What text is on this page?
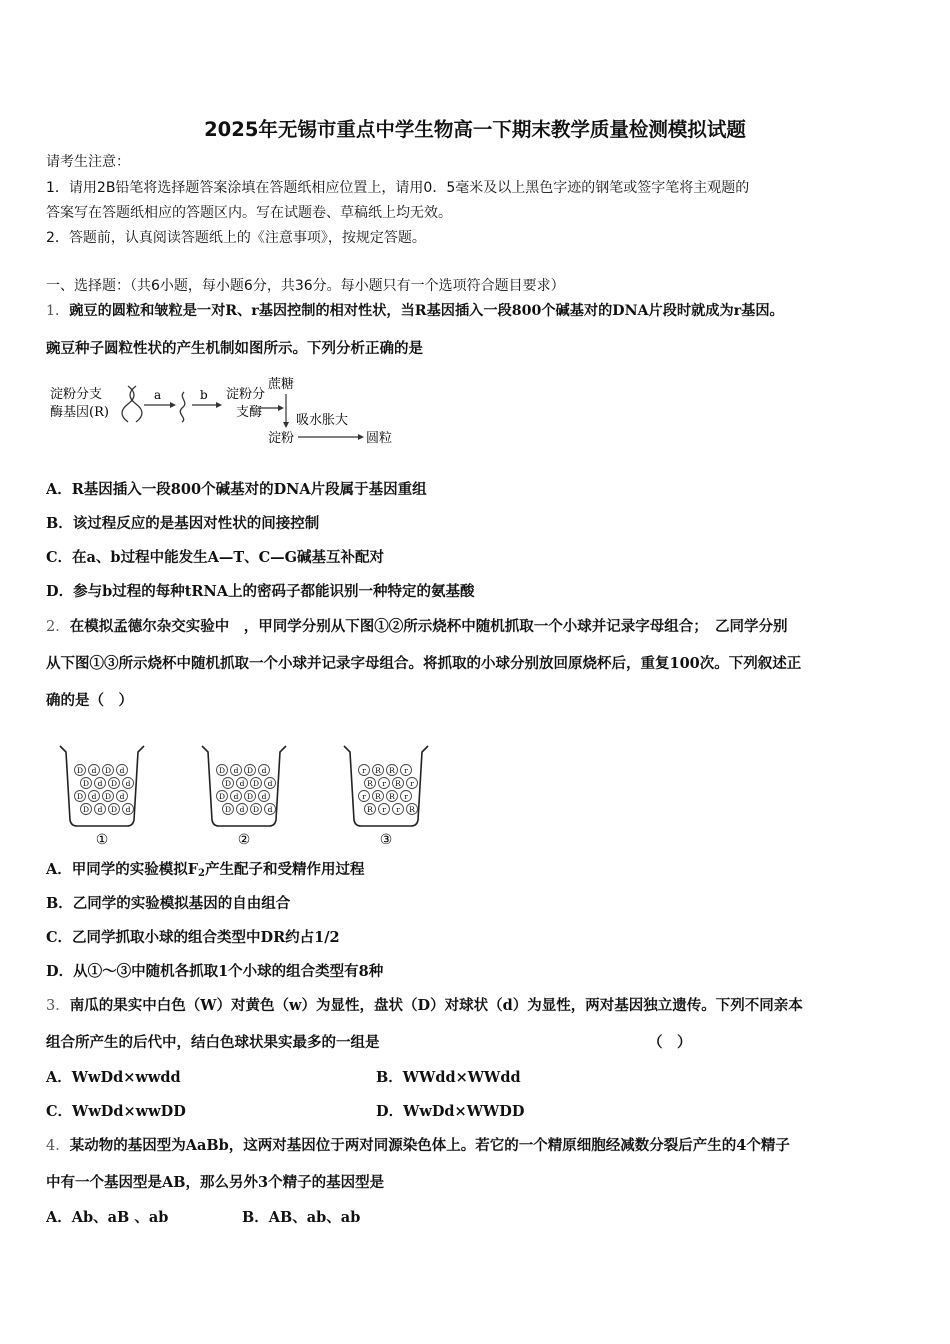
2025年无锡市重点中学生物高一下期末教学质量检测模拟试题
请考生注意：
1．请用2B铅笔将选择题答案涂填在答题纸相应位置上，请用0．5毫米及以上黑色字迹的钢笔或签字笔将主观题的
答案写在答题纸相应的答题区内。写在试题卷、草稿纸上均无效。
2．答题前，认真阅读答题纸上的《注意事项》，按规定答题。
一、选择题：（共6小题，每小题6分，共36分。每小题只有一个选项符合题目要求）
1．豌豆的圆粒和皱粒是一对R、r基因控制的相对性状，当R基因插入一段800个碱基对的DNA片段时就成为r基因。
豌豆种子圆粒性状的产生机制如图所示。下列分析正确的是
淀粉分支
酶基因(R)
a	b 淀粉分
支酶
蔗糖
淀粉
吸水胀大
圆粒
A．R基因插入一段800个碱基对的DNA片段属于基因重组
B．该过程反应的是基因对性状的间接控制
C．在a、b过程中能发生A—T、C—G碱基互补配对
D．参与b过程的每种tRNA上的密码子都能识别一种特定的氨基酸
2．在模拟孟德尔杂交实验中　，甲同学分别从下图①②所示烧杯中随机抓取一个小球并记录字母组合；　乙同学分别
从下图①③所示烧杯中随机抓取一个小球并记录字母组合。将抓取的小球分别放回原烧杯后，重复100次。下列叙述正
确的是（　）
D d D d
D d D d
D d D d
D d D d
①
D d D d
D d D d
D d D d
D d D d
②
r R R r
R r R r
r R R r
R r r R
③
A．甲同学的实验模拟$F_2$产生配子和受精作用过程
B．乙同学的实验模拟基因的自由组合
C．乙同学抓取小球的组合类型中DR约占1/2
D．从①～③中随机各抓取1个小球的组合类型有8种
3．南瓜的果实中白色（W）对黄色（w）为显性，盘状（D）对球状（d）为显性，两对基因独立遗传。下列不同亲本
组合所产生的后代中，结白色球状果实最多的一组是	（　）
A．WwDd×wwdd	B．WWdd×WWdd
C．WwDd×wwDD	D．WwDd×WWDD
4．某动物的基因型为AaBb，这两对基因位于两对同源染色体上。若它的一个精原细胞经减数分裂后产生的4个精子
中有一个基因型是AB，那么另外3个精子的基因型是
A．Ab、aB 、ab	B．AB、ab、ab
